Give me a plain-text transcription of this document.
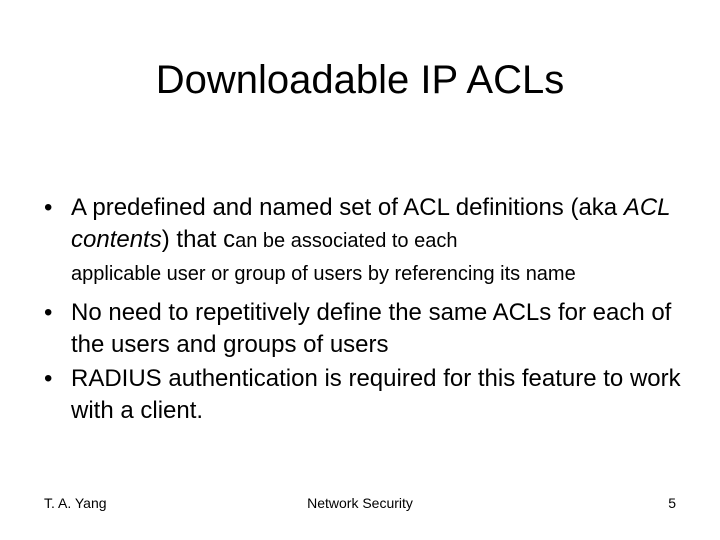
Downloadable IP ACLs
• A predefined and named set of ACL definitions (aka ACL contents) that can be associated to each
applicable user or group of users by referencing its name
• No need to repetitively define the same ACLs for each of the users and groups of users
• RADIUS authentication is required for this feature to work with a client.
T. A. Yang	Network Security	5
